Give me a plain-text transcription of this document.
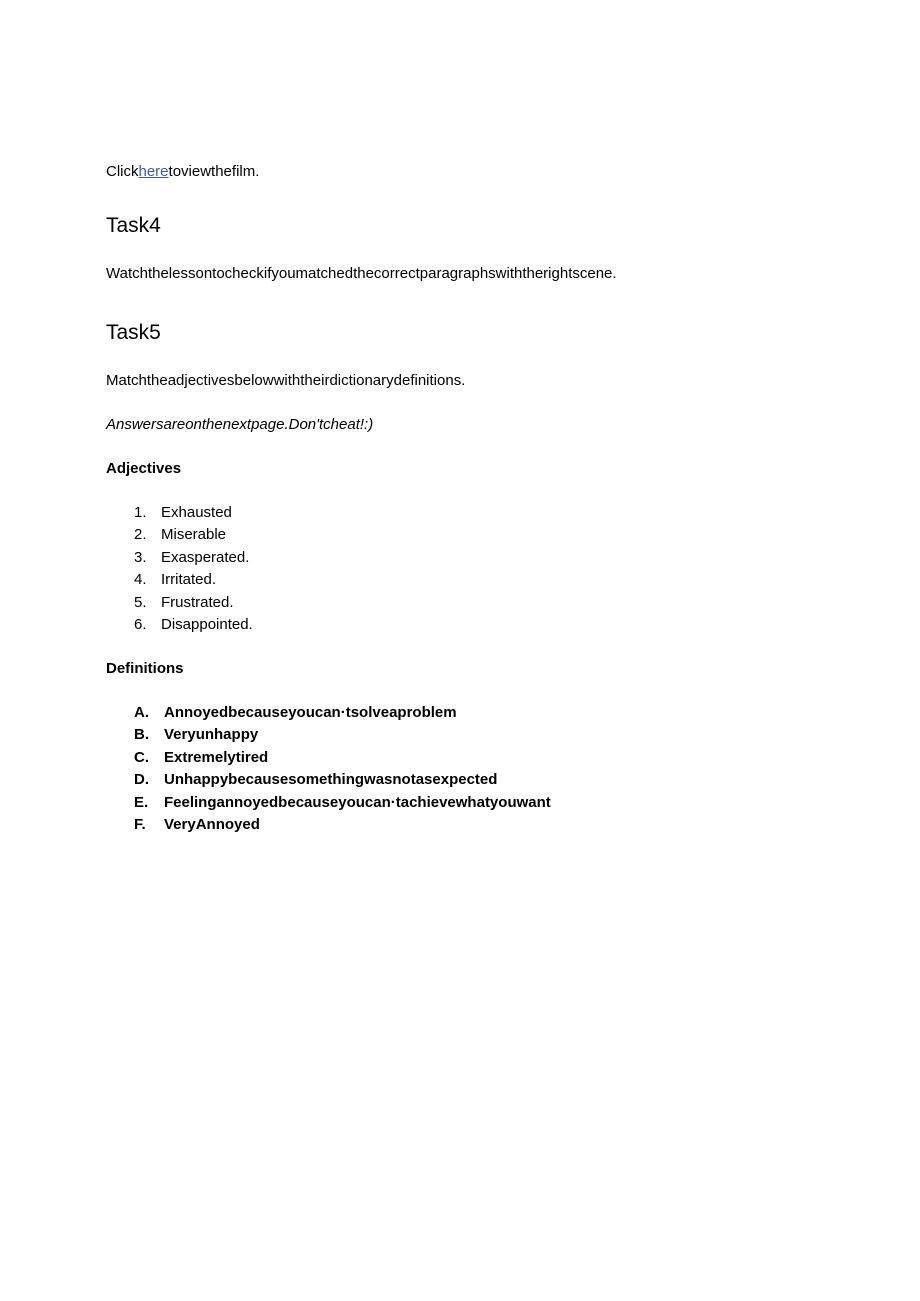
Clickheretoviewthefilm.
Task4

Watchthelessontocheckifyoumatchedthecorrectparagraphswiththerightscene.

Task5

Matchtheadjectivesbelowwiththeirdictionarydefinitions.

Answersareonthenextpage.Don'tcheat!:)

Adjectives

1. Exhausted
2. Miserable
3. Exasperated.
4. Irritated.
5. Frustrated.
6. Disappointed.

Definitions

A.	Annoyedbecauseyoucan·tsolveaproblem
B.	Veryunhappy
C.	Extremelytired
D.	Unhappybecausesomethingwasnotasexpected
E.	Feelingannoyedbecauseyoucan·tachievewhatyouwant
F.	VeryAnnoyed
